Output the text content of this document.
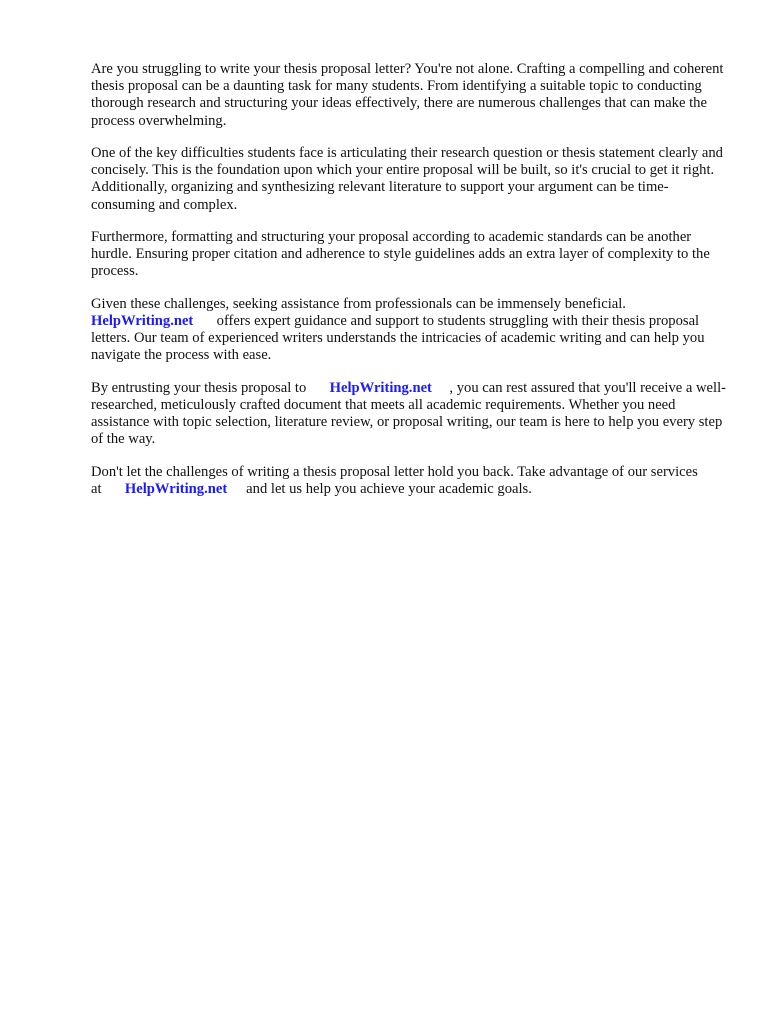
Are you struggling to write your thesis proposal letter? You're not alone. Crafting a compelling and coherent thesis proposal can be a daunting task for many students. From identifying a suitable topic to conducting thorough research and structuring your ideas effectively, there are numerous challenges that can make the process overwhelming.

One of the key difficulties students face is articulating their research question or thesis statement clearly and concisely. This is the foundation upon which your entire proposal will be built, so it's crucial to get it right. Additionally, organizing and synthesizing relevant literature to support your argument can be time-consuming and complex.

Furthermore, formatting and structuring your proposal according to academic standards can be another hurdle. Ensuring proper citation and adherence to style guidelines adds an extra layer of complexity to the process.

Given these challenges, seeking assistance from professionals can be immensely beneficial.
HelpWriting.net offers expert guidance and support to students struggling with their thesis proposal letters. Our team of experienced writers understands the intricacies of academic writing and can help you navigate the process with ease.

By entrusting your thesis proposal to HelpWriting.net , you can rest assured that you'll receive a well-researched, meticulously crafted document that meets all academic requirements. Whether you need assistance with topic selection, literature review, or proposal writing, our team is here to help you every step of the way.

Don't let the challenges of writing a thesis proposal letter hold you back. Take advantage of our services at HelpWriting.net and let us help you achieve your academic goals.
